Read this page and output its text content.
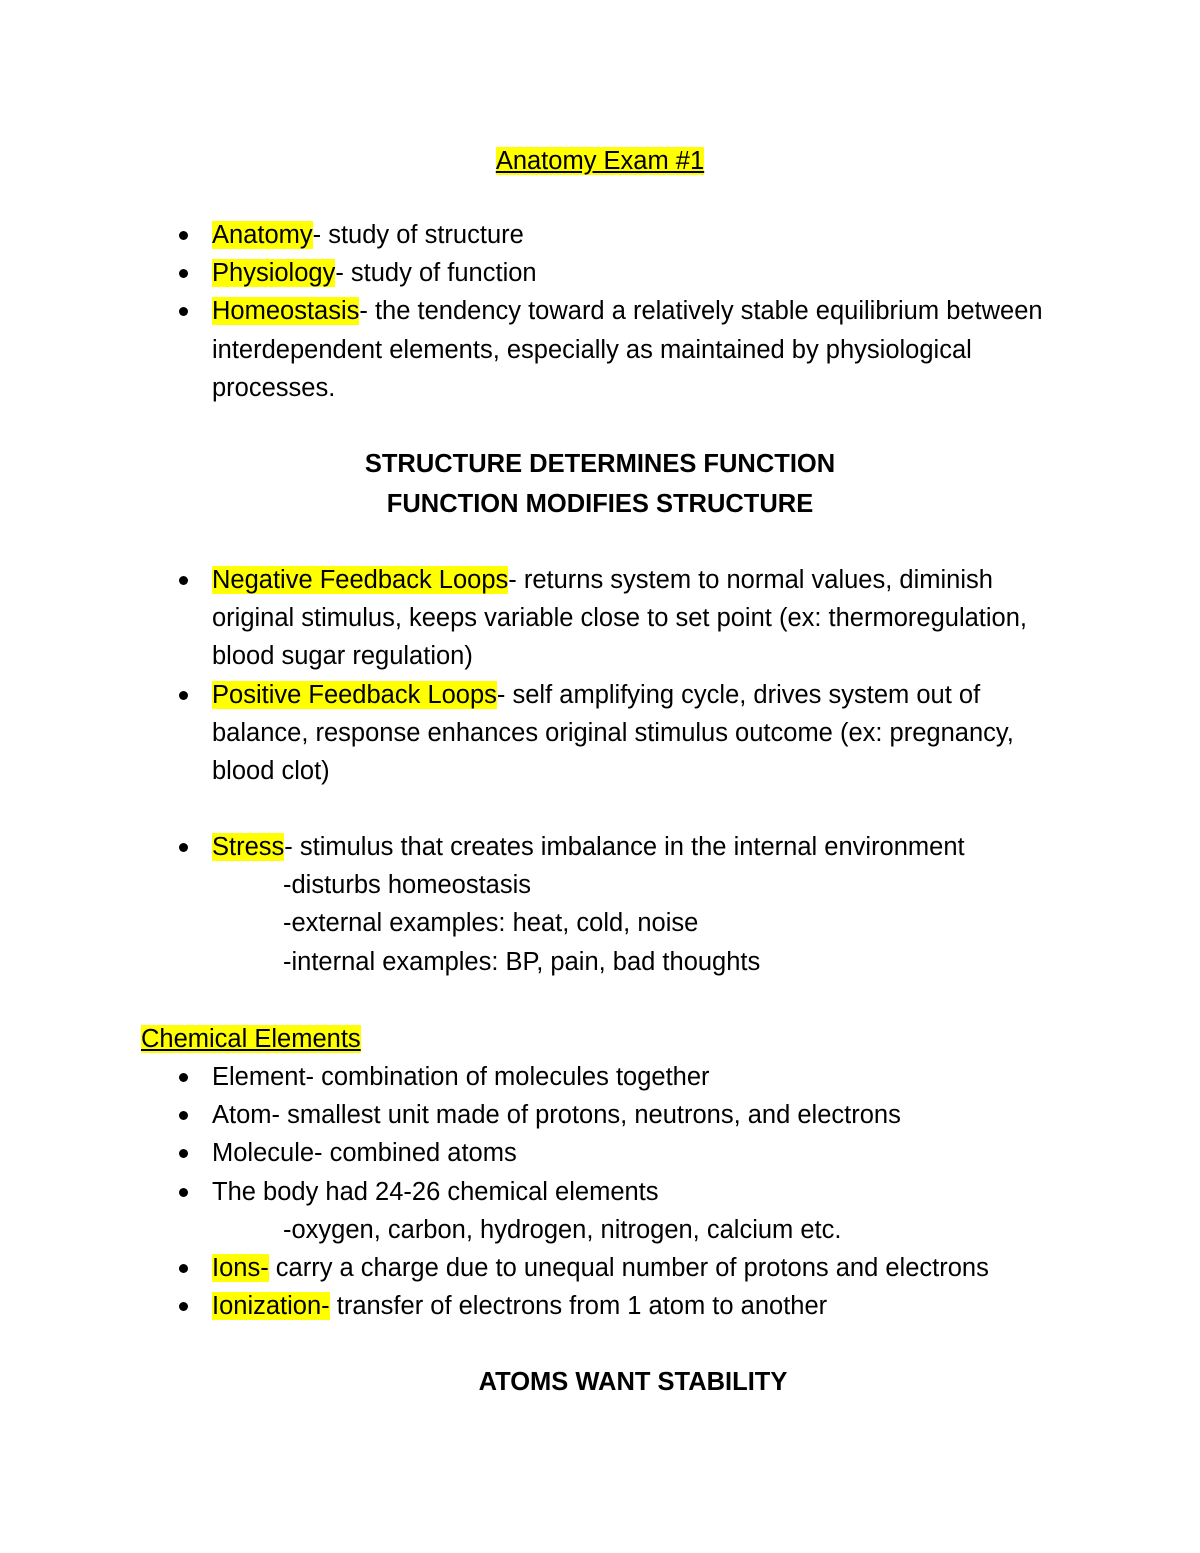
Anatomy Exam #1
Anatomy- study of structure
Physiology- study of function
Homeostasis- the tendency toward a relatively stable equilibrium between interdependent elements, especially as maintained by physiological processes.
STRUCTURE DETERMINES FUNCTION
FUNCTION MODIFIES STRUCTURE
Negative Feedback Loops- returns system to normal values, diminish original stimulus, keeps variable close to set point (ex: thermoregulation, blood sugar regulation)
Positive Feedback Loops- self amplifying cycle, drives system out of balance, response enhances original stimulus outcome (ex: pregnancy, blood clot)
Stress- stimulus that creates imbalance in the internal environment
-disturbs homeostasis
-external examples: heat, cold, noise
-internal examples: BP, pain, bad thoughts
Chemical Elements
Element- combination of molecules together
Atom- smallest unit made of protons, neutrons, and electrons
Molecule- combined atoms
The body had 24-26 chemical elements
-oxygen, carbon, hydrogen, nitrogen, calcium etc.
Ions- carry a charge due to unequal number of protons and electrons
Ionization- transfer of electrons from 1 atom to another
ATOMS WANT STABILITY
